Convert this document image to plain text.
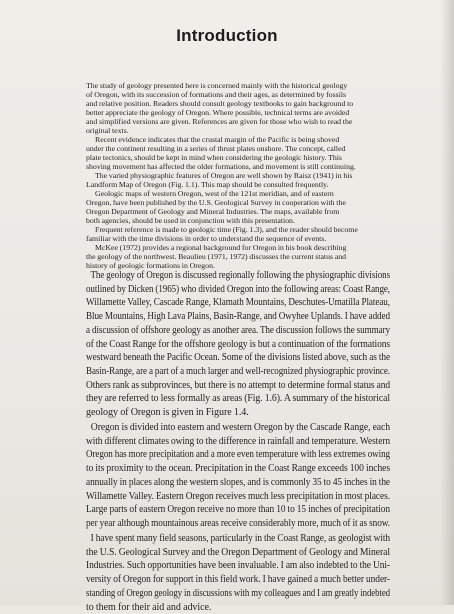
Introduction
The study of geology presented here is concerned mainly with the historical geology
of Oregon, with its succession of formations and their ages, as determined by fossils
and relative position. Readers should consult geology textbooks to gain background to
better appreciate the geology of Oregon. Where possible, technical terms are avoided
and simplified versions are given. References are given for those who wish to read the
original texts.
Recent evidence indicates that the crustal margin of the Pacific is being shoved
under the continent resulting in a series of thrust plates onshore. The concept, called
plate tectonics, should be kept in mind when considering the geologic history. This
shoving movement has affected the older formations, and movement is still continuing.
The varied physiographic features of Oregon are well shown by Raisz (1941) in his
Landform Map of Oregon (Fig. 1.1). This map should be consulted frequently.
Geologic maps of western Oregon, west of the 121st meridian, and of eastern
Oregon, have been published by the U.S. Geological Survey in cooperation with the
Oregon Department of Geology and Mineral Industries. The maps, available from
both agencies, should be used in conjunction with this presentation.
Frequent reference is made to geologic time (Fig. 1.3), and the reader should become
familiar with the time divisions in order to understand the sequence of events.
McKee (1972) provides a regional background for Oregon in his book describing
the geology of the northwest. Beaulieu (1971, 1972) discusses the current status and
history of geologic formations in Oregon.
The geology of Oregon is discussed regionally following the physiographic divisions
outlined by Dicken (1965) who divided Oregon into the following areas: Coast Range,
Willamette Valley, Cascade Range, Klamath Mountains, Deschutes-Umatilla Plateau,
Blue Mountains, High Lava Plains, Basin-Range, and Owyhee Uplands. I have added
a discussion of offshore geology as another area. The discussion follows the summary
of the Coast Range for the offshore geology is but a continuation of the formations
westward beneath the Pacific Ocean. Some of the divisions listed above, such as the
Basin-Range, are a part of a much larger and well-recognized physiographic province.
Others rank as subprovinces, but there is no attempt to determine formal status and
they are referred to less formally as areas (Fig. 1.6). A summary of the historical
geology of Oregon is given in Figure 1.4.
Oregon is divided into eastern and western Oregon by the Cascade Range, each
with different climates owing to the difference in rainfall and temperature. Western
Oregon has more precipitation and a more even temperature with less extremes owing
to its proximity to the ocean. Precipitation in the Coast Range exceeds 100 inches
annually in places along the western slopes, and is commonly 35 to 45 inches in the
Willamette Valley. Eastern Oregon receives much less precipitation in most places.
Large parts of eastern Oregon receive no more than 10 to 15 inches of precipitation
per year although mountainous areas receive considerably more, much of it as snow.
I have spent many field seasons, particularly in the Coast Range, as geologist with
the U.S. Geological Survey and the Oregon Department of Geology and Mineral
Industries. Such opportunities have been invaluable. I am also indebted to the Uni-
versity of Oregon for support in this field work. I have gained a much better under-
standing of Oregon geology in discussions with my colleagues and I am greatly indebted
to them for their aid and advice.
